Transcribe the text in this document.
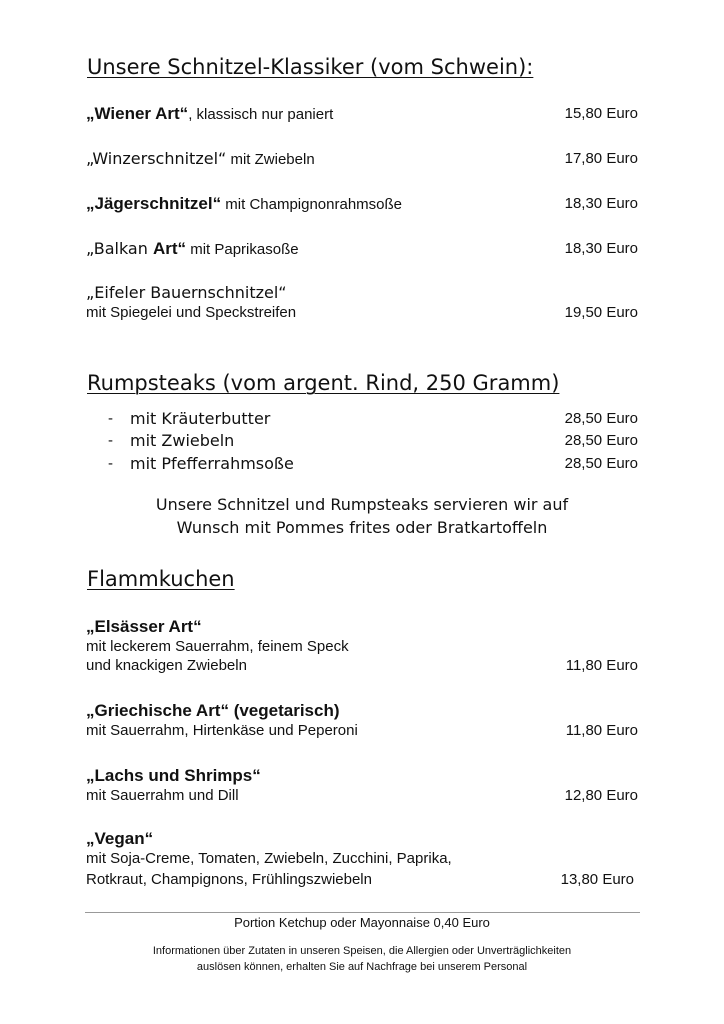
Unsere Schnitzel-Klassiker (vom Schwein):
„Wiener Art“, klassisch nur paniert	15,80 Euro
„Winzerschnitzel“ mit Zwiebeln	17,80 Euro
„Jägerschnitzel“ mit Champignonrahmsoße	18,30 Euro
„Balkan Art“ mit Paprikasoße	18,30 Euro
„Eifeler Bauernschnitzel“
mit Spiegelei und Speckstreifen	19,50 Euro
Rumpsteaks (vom argent. Rind, 250 Gramm)
- mit Kräuterbutter	28,50 Euro
- mit Zwiebeln	28,50 Euro
- mit Pfefferrahmsoße	28,50 Euro
Unsere Schnitzel und Rumpsteaks servieren wir auf
Wunsch mit Pommes frites oder Bratkartoffeln
Flammkuchen
„Elsässer Art“
mit leckerem Sauerrahm, feinem Speck
und knackigen Zwiebeln	11,80 Euro
„Griechische Art“ (vegetarisch)
mit Sauerrahm, Hirtenkäse und Peperoni	11,80 Euro
„Lachs und Shrimps“
mit Sauerrahm und Dill	12,80 Euro
„Vegan“
mit Soja-Creme, Tomaten, Zwiebeln, Zucchini, Paprika,
Rotkraut, Champignons, Frühlingszwiebeln	13,80 Euro
Portion Ketchup oder Mayonnaise 0,40 Euro
Informationen über Zutaten in unseren Speisen, die Allergien oder Unverträglichkeiten
auslösen können, erhalten Sie auf Nachfrage bei unserem Personal
